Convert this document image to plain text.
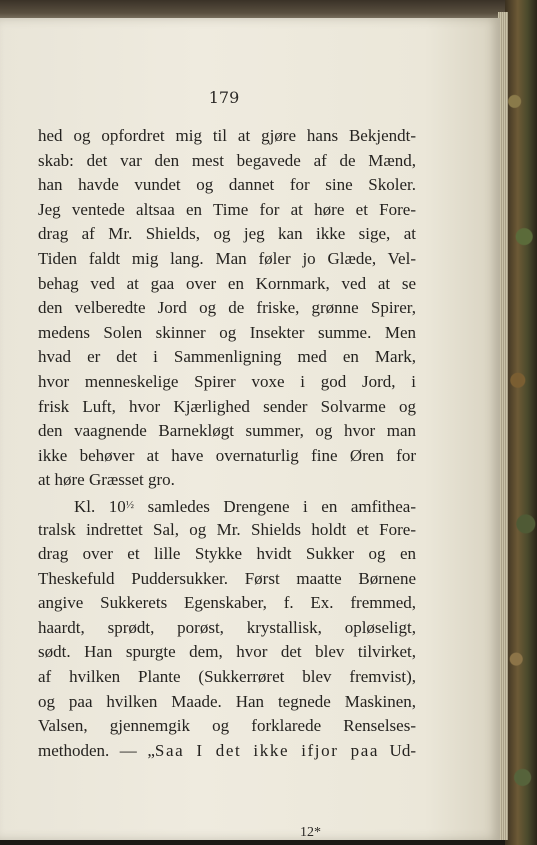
179
hed og opfordret mig til at gjøre hans Bekjendt-
skab: det var den mest begavede af de Mænd,
han havde vundet og dannet for sine Skoler.
Jeg ventede altsaa en Time for at høre et Fore-
drag af Mr. Shields, og jeg kan ikke sige, at
Tiden faldt mig lang. Man føler jo Glæde, Vel-
behag ved at gaa over en Kornmark, ved at se
den velberedte Jord og de friske, grønne Spirer,
medens Solen skinner og Insekter summe. Men
hvad er det i Sammenligning med en Mark,
hvor menneskelige Spirer voxe i god Jord, i
frisk Luft, hvor Kjærlighed sender Solvarme og
den vaagnende Barnekløgt summer, og hvor man
ikke behøver at have overnaturlig fine Øren for
at høre Græsset gro.
Kl. $10^{\frac{1}{2}}$ samledes Drengene i en amfithea-
tralsk indrettet Sal, og Mr. Shields holdt et Fore-
drag over et lille Stykke hvidt Sukker og en
Theskefuld Puddersukker. Først maatte Børnene
angive Sukkerets Egenskaber, f. Ex. fremmed,
haardt, sprødt, porøst, krystallisk, opløseligt,
sødt. Han spurgte dem, hvor det blev tilvirket,
af hvilken Plante (Sukkerrøret blev fremvist),
og paa hvilken Maade. Han tegnede Maskinen,
Valsen, gjennemgik og forklarede Renselses-
methoden. — „Saa I det ikke ifjor paa Ud-
12*
